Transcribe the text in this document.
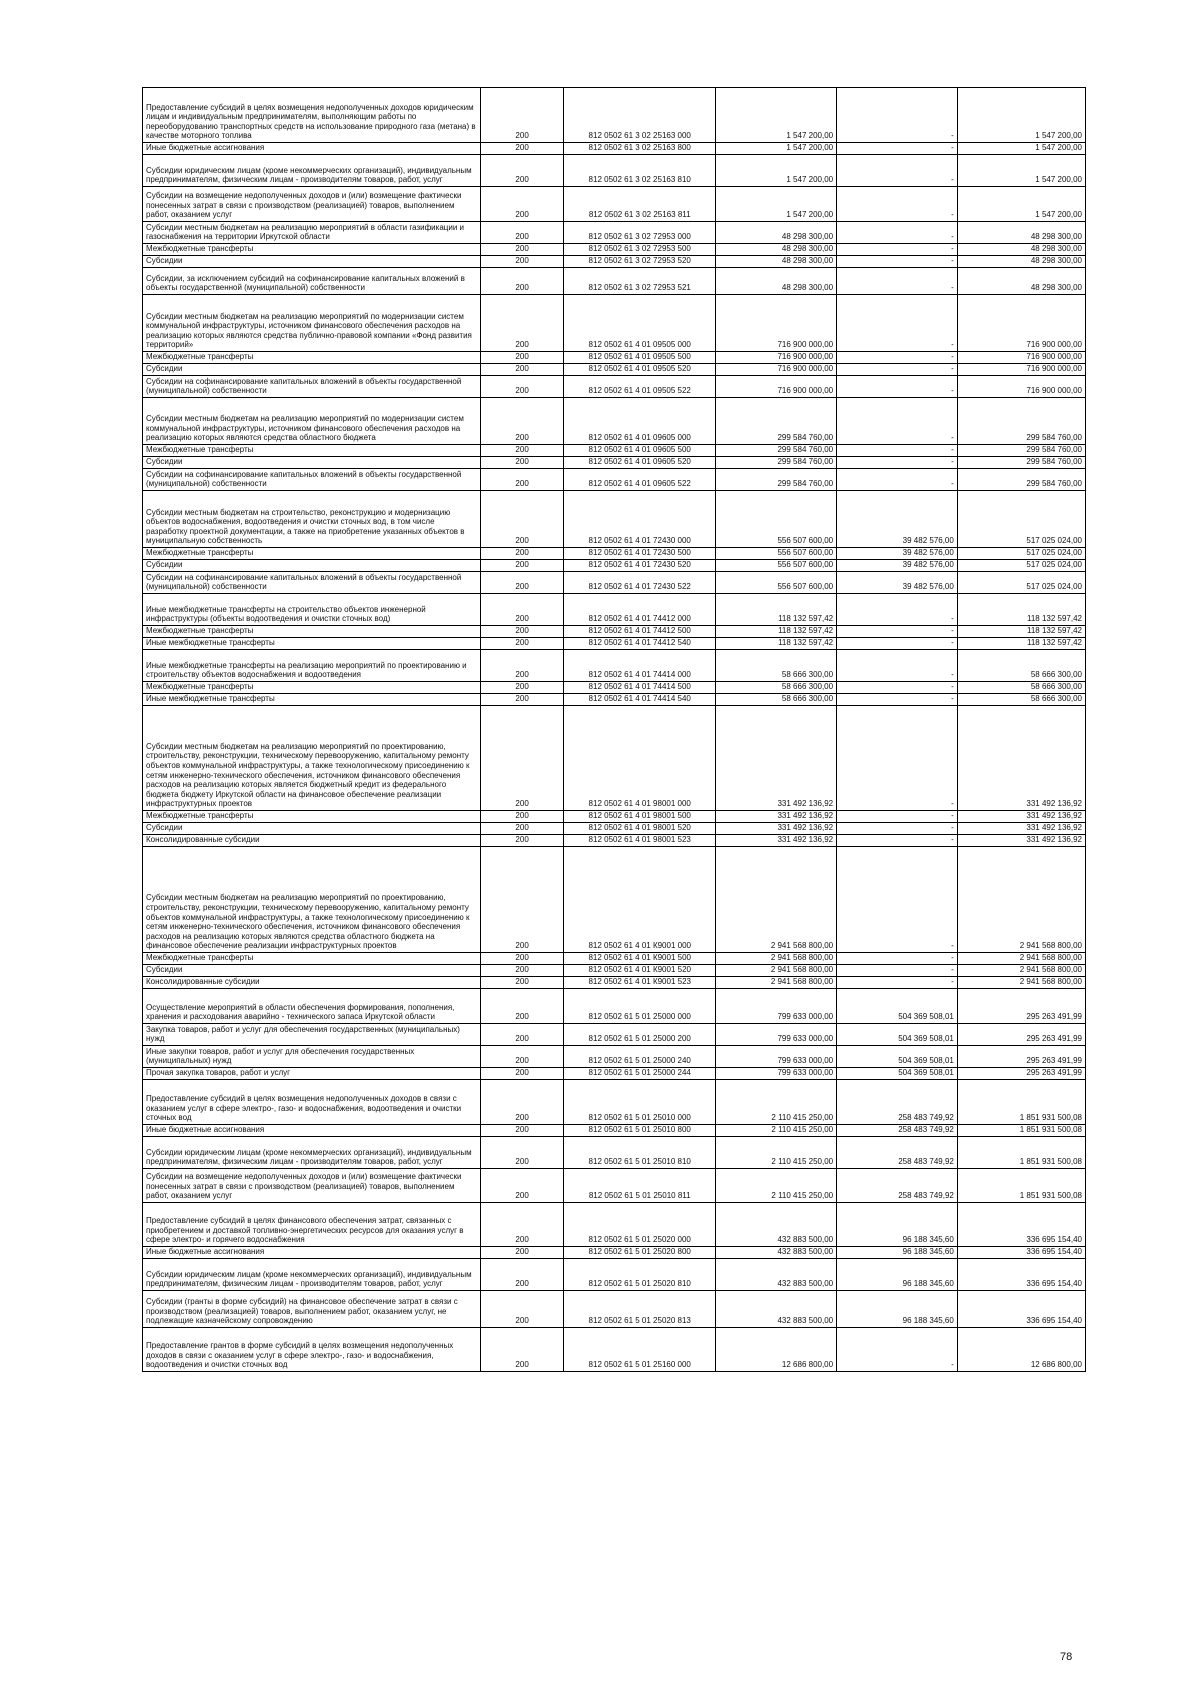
Предоставление субсидий в целях возмещения недополученных доходов юридическим лицам и индивидуальным предпринимателям, выполняющим работы по переоборудованию транспортных средств на использование природного газа (метана) в качестве моторного топлива	200	812 0502 61 3 02 25163 000	1 547 200,00	-	1 547 200,00
Иные бюджетные ассигнования	200	812 0502 61 3 02 25163 800	1 547 200,00	-	1 547 200,00
Субсидии юридическим лицам (кроме некоммерческих организаций), индивидуальным предпринимателям, физическим лицам - производителям товаров, работ, услуг	200	812 0502 61 3 02 25163 810	1 547 200,00	-	1 547 200,00
Субсидии на возмещение недополученных доходов и (или) возмещение фактически понесенных затрат в связи с производством (реализацией) товаров, выполнением работ, оказанием услуг	200	812 0502 61 3 02 25163 811	1 547 200,00	-	1 547 200,00
Субсидии местным бюджетам на реализацию мероприятий в области газификации и газоснабжения на территории Иркутской области	200	812 0502 61 3 02 72953 000	48 298 300,00	-	48 298 300,00
Межбюджетные трансферты	200	812 0502 61 3 02 72953 500	48 298 300,00	-	48 298 300,00
Субсидии	200	812 0502 61 3 02 72953 520	48 298 300,00	-	48 298 300,00
Субсидии, за исключением субсидий на софинансирование капитальных вложений в объекты государственной (муниципальной) собственности	200	812 0502 61 3 02 72953 521	48 298 300,00	-	48 298 300,00
Субсидии местным бюджетам на реализацию мероприятий по модернизации систем коммунальной инфраструктуры, источником финансового обеспечения расходов на реализацию которых являются средства публично-правовой компании «Фонд развития территорий»	200	812 0502 61 4 01 09505 000	716 900 000,00	-	716 900 000,00
Межбюджетные трансферты	200	812 0502 61 4 01 09505 500	716 900 000,00	-	716 900 000,00
Субсидии	200	812 0502 61 4 01 09505 520	716 900 000,00	-	716 900 000,00
Субсидии на софинансирование капитальных вложений в объекты государственной (муниципальной) собственности	200	812 0502 61 4 01 09505 522	716 900 000,00	-	716 900 000,00
Субсидии местным бюджетам на реализацию мероприятий по модернизации систем коммунальной инфраструктуры, источником финансового обеспечения расходов на реализацию которых являются средства областного бюджета	200	812 0502 61 4 01 09605 000	299 584 760,00	-	299 584 760,00
Межбюджетные трансферты	200	812 0502 61 4 01 09605 500	299 584 760,00	-	299 584 760,00
Субсидии	200	812 0502 61 4 01 09605 520	299 584 760,00	-	299 584 760,00
Субсидии на софинансирование капитальных вложений в объекты государственной (муниципальной) собственности	200	812 0502 61 4 01 09605 522	299 584 760,00	-	299 584 760,00
Субсидии местным бюджетам на строительство, реконструкцию и модернизацию объектов водоснабжения, водоотведения и очистки сточных вод, в том числе разработку проектной документации, а также на приобретение указанных объектов в муниципальную собственность	200	812 0502 61 4 01 72430 000	556 507 600,00	39 482 576,00	517 025 024,00
Межбюджетные трансферты	200	812 0502 61 4 01 72430 500	556 507 600,00	39 482 576,00	517 025 024,00
Субсидии	200	812 0502 61 4 01 72430 520	556 507 600,00	39 482 576,00	517 025 024,00
Субсидии на софинансирование капитальных вложений в объекты государственной (муниципальной) собственности	200	812 0502 61 4 01 72430 522	556 507 600,00	39 482 576,00	517 025 024,00
Иные межбюджетные трансферты на строительство объектов инженерной инфраструктуры (объекты водоотведения и очистки сточных вод)	200	812 0502 61 4 01 74412 000	118 132 597,42	-	118 132 597,42
Межбюджетные трансферты	200	812 0502 61 4 01 74412 500	118 132 597,42	-	118 132 597,42
Иные межбюджетные трансферты	200	812 0502 61 4 01 74412 540	118 132 597,42	-	118 132 597,42
Иные межбюджетные трансферты на реализацию мероприятий по проектированию и строительству объектов водоснабжения и водоотведения	200	812 0502 61 4 01 74414 000	58 666 300,00	-	58 666 300,00
Межбюджетные трансферты	200	812 0502 61 4 01 74414 500	58 666 300,00	-	58 666 300,00
Иные межбюджетные трансферты	200	812 0502 61 4 01 74414 540	58 666 300,00	-	58 666 300,00
Субсидии местным бюджетам на реализацию мероприятий по проектированию, строительству, реконструкции, техническому перевооружению, капитальному ремонту объектов коммунальной инфраструктуры, а также технологическому присоединению к сетям инженерно-технического обеспечения, источником финансового обеспечения расходов на реализацию которых является бюджетный кредит из федерального бюджета бюджету Иркутской области на финансовое обеспечение реализации инфраструктурных проектов	200	812 0502 61 4 01 98001 000	331 492 136,92	-	331 492 136,92
Межбюджетные трансферты	200	812 0502 61 4 01 98001 500	331 492 136,92	-	331 492 136,92
Субсидии	200	812 0502 61 4 01 98001 520	331 492 136,92	-	331 492 136,92
Консолидированные субсидии	200	812 0502 61 4 01 98001 523	331 492 136,92	-	331 492 136,92
Субсидии местным бюджетам на реализацию мероприятий по проектированию, строительству, реконструкции, техническому перевооружению, капитальному ремонту объектов коммунальной инфраструктуры, а также технологическому присоединению к сетям инженерно-технического обеспечения, источником финансового обеспечения расходов на реализацию которых являются средства областного бюджета на финансовое обеспечение реализации инфраструктурных проектов	200	812 0502 61 4 01 К9001 000	2 941 568 800,00	-	2 941 568 800,00
Межбюджетные трансферты	200	812 0502 61 4 01 К9001 500	2 941 568 800,00	-	2 941 568 800,00
Субсидии	200	812 0502 61 4 01 К9001 520	2 941 568 800,00	-	2 941 568 800,00
Консолидированные субсидии	200	812 0502 61 4 01 К9001 523	2 941 568 800,00	-	2 941 568 800,00
Осуществление мероприятий в области обеспечения формирования, пополнения, хранения и расходования аварийно - технического запаса Иркутской области	200	812 0502 61 5 01 25000 000	799 633 000,00	504 369 508,01	295 263 491,99
Закупка товаров, работ и услуг для обеспечения государственных (муниципальных) нужд	200	812 0502 61 5 01 25000 200	799 633 000,00	504 369 508,01	295 263 491,99
Иные закупки товаров, работ и услуг для обеспечения государственных (муниципальных) нужд	200	812 0502 61 5 01 25000 240	799 633 000,00	504 369 508,01	295 263 491,99
Прочая закупка товаров, работ и услуг	200	812 0502 61 5 01 25000 244	799 633 000,00	504 369 508,01	295 263 491,99
Предоставление субсидий в целях возмещения недополученных доходов в связи с оказанием услуг в сфере электро-, газо- и водоснабжения, водоотведения и очистки сточных вод	200	812 0502 61 5 01 25010 000	2 110 415 250,00	258 483 749,92	1 851 931 500,08
Иные бюджетные ассигнования	200	812 0502 61 5 01 25010 800	2 110 415 250,00	258 483 749,92	1 851 931 500,08
Субсидии юридическим лицам (кроме некоммерческих организаций), индивидуальным предпринимателям, физическим лицам - производителям товаров, работ, услуг	200	812 0502 61 5 01 25010 810	2 110 415 250,00	258 483 749,92	1 851 931 500,08
Субсидии на возмещение недополученных доходов и (или) возмещение фактически понесенных затрат в связи с производством (реализацией) товаров, выполнением работ, оказанием услуг	200	812 0502 61 5 01 25010 811	2 110 415 250,00	258 483 749,92	1 851 931 500,08
Предоставление субсидий в целях финансового обеспечения затрат, связанных с приобретением и доставкой топливно-энергетических ресурсов для оказания услуг в сфере электро- и горячего водоснабжения	200	812 0502 61 5 01 25020 000	432 883 500,00	96 188 345,60	336 695 154,40
Иные бюджетные ассигнования	200	812 0502 61 5 01 25020 800	432 883 500,00	96 188 345,60	336 695 154,40
Субсидии юридическим лицам (кроме некоммерческих организаций), индивидуальным предпринимателям, физическим лицам - производителям товаров, работ, услуг	200	812 0502 61 5 01 25020 810	432 883 500,00	96 188 345,60	336 695 154,40
Субсидии (гранты в форме субсидий) на финансовое обеспечение затрат в связи с производством (реализацией) товаров, выполнением работ, оказанием услуг, не подлежащие казначейскому сопровождению	200	812 0502 61 5 01 25020 813	432 883 500,00	96 188 345,60	336 695 154,40
Предоставление грантов в форме субсидий в целях возмещения недополученных доходов в связи с оказанием услуг в сфере электро-, газо- и водоснабжения, водоотведения и очистки сточных вод	200	812 0502 61 5 01 25160 000	12 686 800,00	-	12 686 800,00
78
